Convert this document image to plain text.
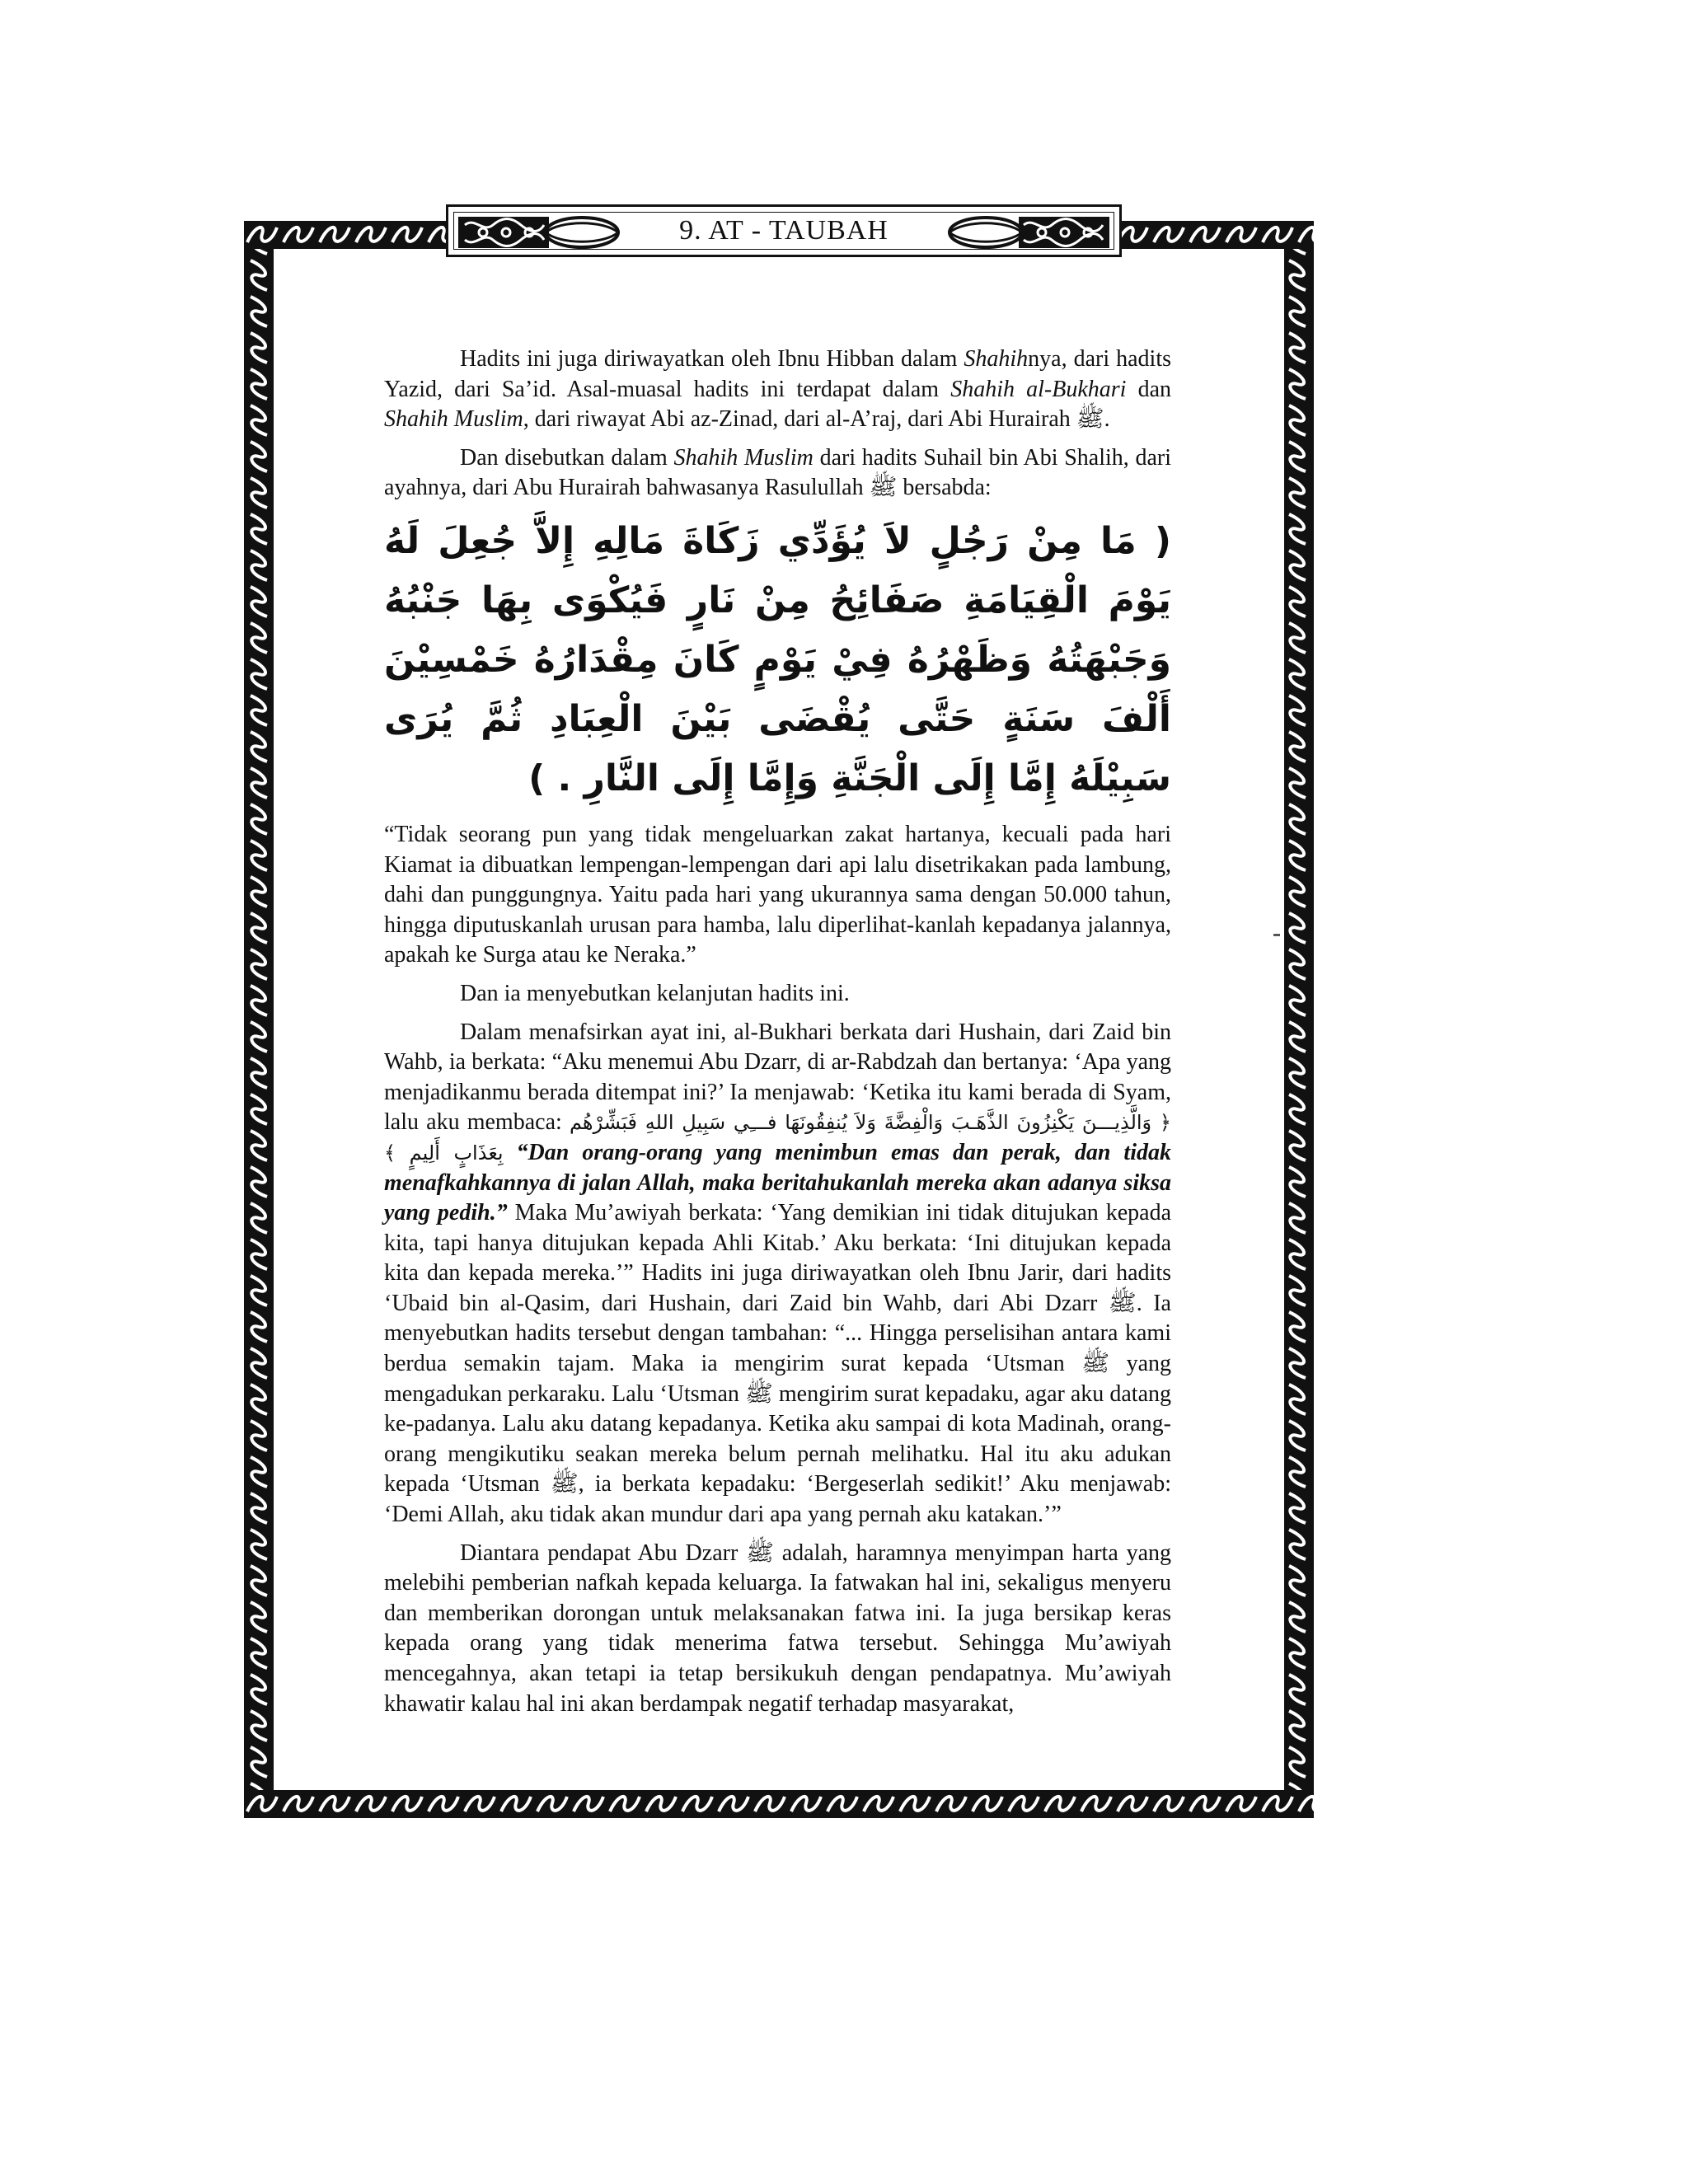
9. AT - TAUBAH

Hadits ini juga diriwayatkan oleh Ibnu Hibban dalam Shahihnya, dari hadits Yazid, dari Sa’id. Asal-muasal hadits ini terdapat dalam Shahih al-Bukhari dan Shahih Muslim, dari riwayat Abi az-Zinad, dari al-A’raj, dari Abi Hurairah ﷺ.

Dan disebutkan dalam Shahih Muslim dari hadits Suhail bin Abi Shalih, dari ayahnya, dari Abu Hurairah bahwasanya Rasulullah ﷺ bersabda:

( مَا مِنْ رَجُلٍ لاَ يُؤَدِّي زَكَاةَ مَالِهِ إِلاَّ جُعِلَ لَهُ يَوْمَ الْقِيَامَةِ صَفَائِحُ مِنْ نَارٍ فَيُكْوَى بِهَا جَنْبُهُ وَجَبْهَتُهُ وَظَهْرُهُ فِيْ يَوْمٍ كَانَ مِقْدَارُهُ خَمْسِيْنَ أَلْفَ سَنَةٍ حَتَّى يُقْضَى بَيْنَ الْعِبَادِ ثُمَّ يُرَى سَبِيْلَهُ إِمَّا إِلَى الْجَنَّةِ وَإِمَّا إِلَى النَّارِ . )

“Tidak seorang pun yang tidak mengeluarkan zakat hartanya, kecuali pada hari Kiamat ia dibuatkan lempengan-lempengan dari api lalu disetrikakan pada lambung, dahi dan punggungnya. Yaitu pada hari yang ukurannya sama dengan 50.000 tahun, hingga diputuskanlah urusan para hamba, lalu diperlihat-kanlah kepadanya jalannya, apakah ke Surga atau ke Neraka.”

Dan ia menyebutkan kelanjutan hadits ini.

Dalam menafsirkan ayat ini, al-Bukhari berkata dari Hushain, dari Zaid bin Wahb, ia berkata: “Aku menemui Abu Dzarr, di ar-Rabdzah dan bertanya: ‘Apa yang menjadikanmu berada ditempat ini?’ Ia menjawab: ‘Ketika itu kami berada di Syam, lalu aku membaca: ﴿ وَالَّذِيـــنَ يَكْنِزُونَ الذَّهَـبَ وَالْفِضَّةَ وَلاَ يُنفِقُونَهَا فـــِي سَبِيلِ اللهِ فَبَشِّرْهُم بِعَذَابٍ أَلِيمٍ ﴾ “Dan orang-orang yang menimbun emas dan perak, dan tidak menafkahkannya di jalan Allah, maka beritahukanlah mereka akan adanya siksa yang pedih.” Maka Mu’awiyah berkata: ‘Yang demikian ini tidak ditujukan kepada kita, tapi hanya ditujukan kepada Ahli Kitab.’ Aku berkata: ‘Ini ditujukan kepada kita dan kepada mereka.’” Hadits ini juga diriwayatkan oleh Ibnu Jarir, dari hadits ‘Ubaid bin al-Qasim, dari Hushain, dari Zaid bin Wahb, dari Abi Dzarr ﷺ. Ia menyebutkan hadits tersebut dengan tambahan: “... Hingga perselisihan antara kami berdua semakin tajam. Maka ia mengirim surat kepada ‘Utsman ﷺ yang mengadukan perkaraku. Lalu ‘Utsman ﷺ mengirim surat kepadaku, agar aku datang ke-padanya. Lalu aku datang kepadanya. Ketika aku sampai di kota Madinah, orang-orang mengikutiku seakan mereka belum pernah melihatku. Hal itu aku adukan kepada ‘Utsman ﷺ, ia berkata kepadaku: ‘Bergeserlah sedikit!’ Aku menjawab: ‘Demi Allah, aku tidak akan mundur dari apa yang pernah aku katakan.’”

Diantara pendapat Abu Dzarr ﷺ adalah, haramnya menyimpan harta yang melebihi pemberian nafkah kepada keluarga. Ia fatwakan hal ini, sekaligus menyeru dan memberikan dorongan untuk melaksanakan fatwa ini. Ia juga bersikap keras kepada orang yang tidak menerima fatwa tersebut. Sehingga Mu’awiyah mencegahnya, akan tetapi ia tetap bersikukuh dengan pendapatnya. Mu’awiyah khawatir kalau hal ini akan berdampak negatif terhadap masyarakat,
